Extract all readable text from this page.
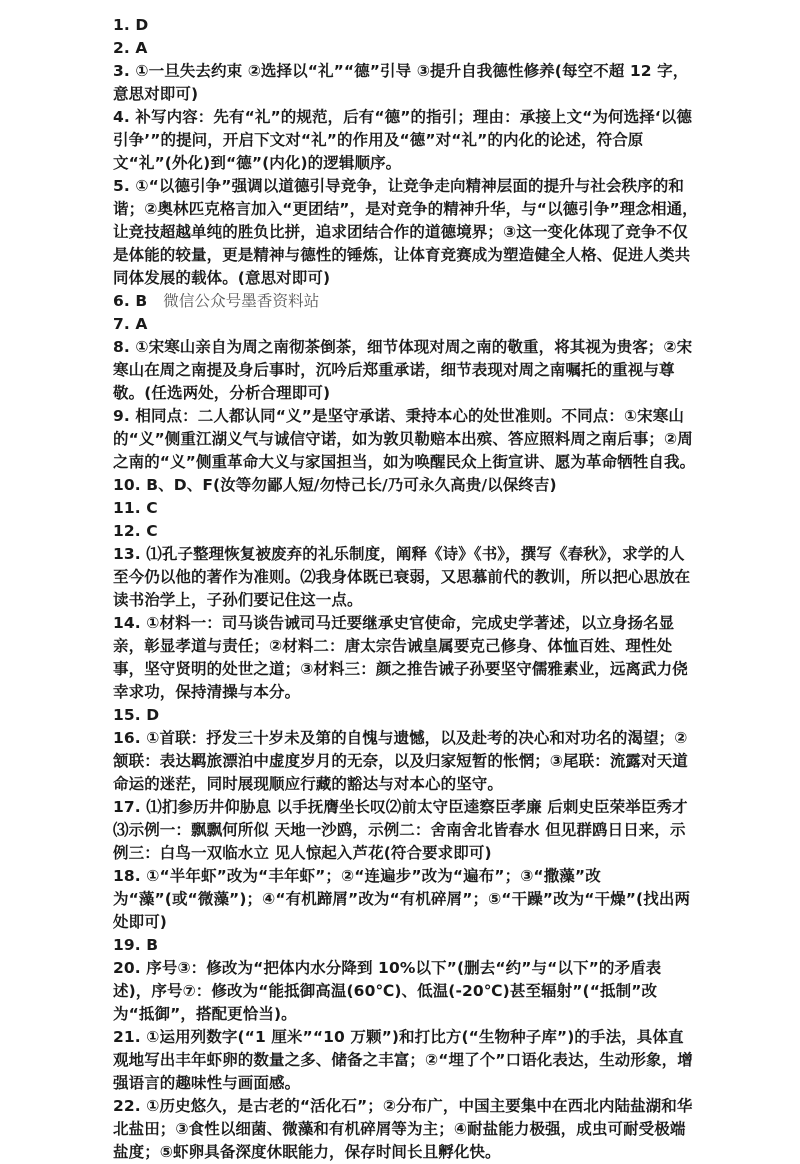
1. D

2. A

3. ①一旦失去约束 ②选择以“礼”“德”引导 ③提升自我德性修养(每空不超 12 字，意思对即可)

4. 补写内容：先有“礼”的规范，后有“德”的指引；理由：承接上文“为何选择‘以德引争’”的提问，开启下文对“礼”的作用及“德”对“礼”的内化的论述，符合原文“礼”(外化)到“德”(内化)的逻辑顺序。

5. ①“以德引争”强调以道德引导竞争，让竞争走向精神层面的提升与社会秩序的和谐；②奥林匹克格言加入“更团结”，是对竞争的精神升华，与“以德引争”理念相通，让竞技超越单纯的胜负比拼，追求团结合作的道德境界；③这一变化体现了竞争不仅是体能的较量，更是精神与德性的锤炼，让体育竞赛成为塑造健全人格、促进人类共同体发展的载体。(意思对即可)

6. B 微信公众号墨香资料站

7. A

8. ①宋寒山亲自为周之南彻茶倒茶，细节体现对周之南的敬重，将其视为贵客；②宋寒山在周之南提及身后事时，沉吟后郑重承诺，细节表现对周之南嘱托的重视与尊敬。(任选两处，分析合理即可)

9. 相同点：二人都认同“义”是坚守承诺、秉持本心的处世准则。不同点：①宋寒山的“义”侧重江湖义气与诚信守诺，如为敦贝勒赔本出殡、答应照料周之南后事；②周之南的“义”侧重革命大义与家国担当，如为唤醒民众上街宣讲、愿为革命牺牲自我。

10. B、D、F(汝等勿鄙人短/勿恃己长/乃可永久高贵/以保终吉)

11. C

12. C

13. ⑴孔子整理恢复被废弃的礼乐制度，阐释《诗》《书》，撰写《春秋》，求学的人至今仍以他的著作为准则。⑵我身体既已衰弱，又思慕前代的教训，所以把心思放在读书治学上，子孙们要记住这一点。

14. ①材料一：司马谈告诫司马迁要继承史官使命，完成史学著述，以立身扬名显亲，彰显孝道与责任；②材料二：唐太宗告诫皇属要克己修身、体恤百姓、理性处事，坚守贤明的处世之道；③材料三：颜之推告诫子孙要坚守儒雅素业，远离武力侥幸求功，保持清操与本分。

15. D

16. ①首联：抒发三十岁未及第的自愧与遗憾，以及赴考的决心和对功名的渴望；②颔联：表达羁旅漂泊中虚度岁月的无奈，以及归家短暂的怅惘；③尾联：流露对天道命运的迷茫，同时展现顺应行藏的豁达与对本心的坚守。

17. ⑴扪参历井仰胁息 以手抚膺坐长叹⑵前太守臣逵察臣孝廉 后刺史臣荣举臣秀才⑶示例一：飘飘何所似 天地一沙鸥，示例二：舍南舍北皆春水 但见群鸥日日来，示例三：白鸟一双临水立 见人惊起入芦花(符合要求即可)

18. ①“半年虾”改为“丰年虾”；②“连遍步”改为“遍布”；③“撒藻”改为“藻”(或“微藻”)；④“有机蹄屑”改为“有机碎屑”；⑤“干躁”改为“干燥”(找出两处即可)

19. B

20. 序号③：修改为“把体内水分降到 10%以下”(删去“约”与“以下”的矛盾表述)，序号⑦：修改为“能抵御高温(60℃)、低温(-20℃)甚至辐射”(“抵制”改为“抵御”，搭配更恰当)。

21. ①运用列数字(“1 厘米”“10 万颗”)和打比方(“生物种子库”)的手法，具体直观地写出丰年虾卵的数量之多、储备之丰富；②“埋了个”口语化表达，生动形象，增强语言的趣味性与画面感。

22. ①历史悠久，是古老的“活化石”；②分布广，中国主要集中在西北内陆盐湖和华北盐田；③食性以细菌、微藻和有机碎屑等为主；④耐盐能力极强，成虫可耐受极端盐度；⑤虾卵具备深度休眠能力，保存时间长且孵化快。
